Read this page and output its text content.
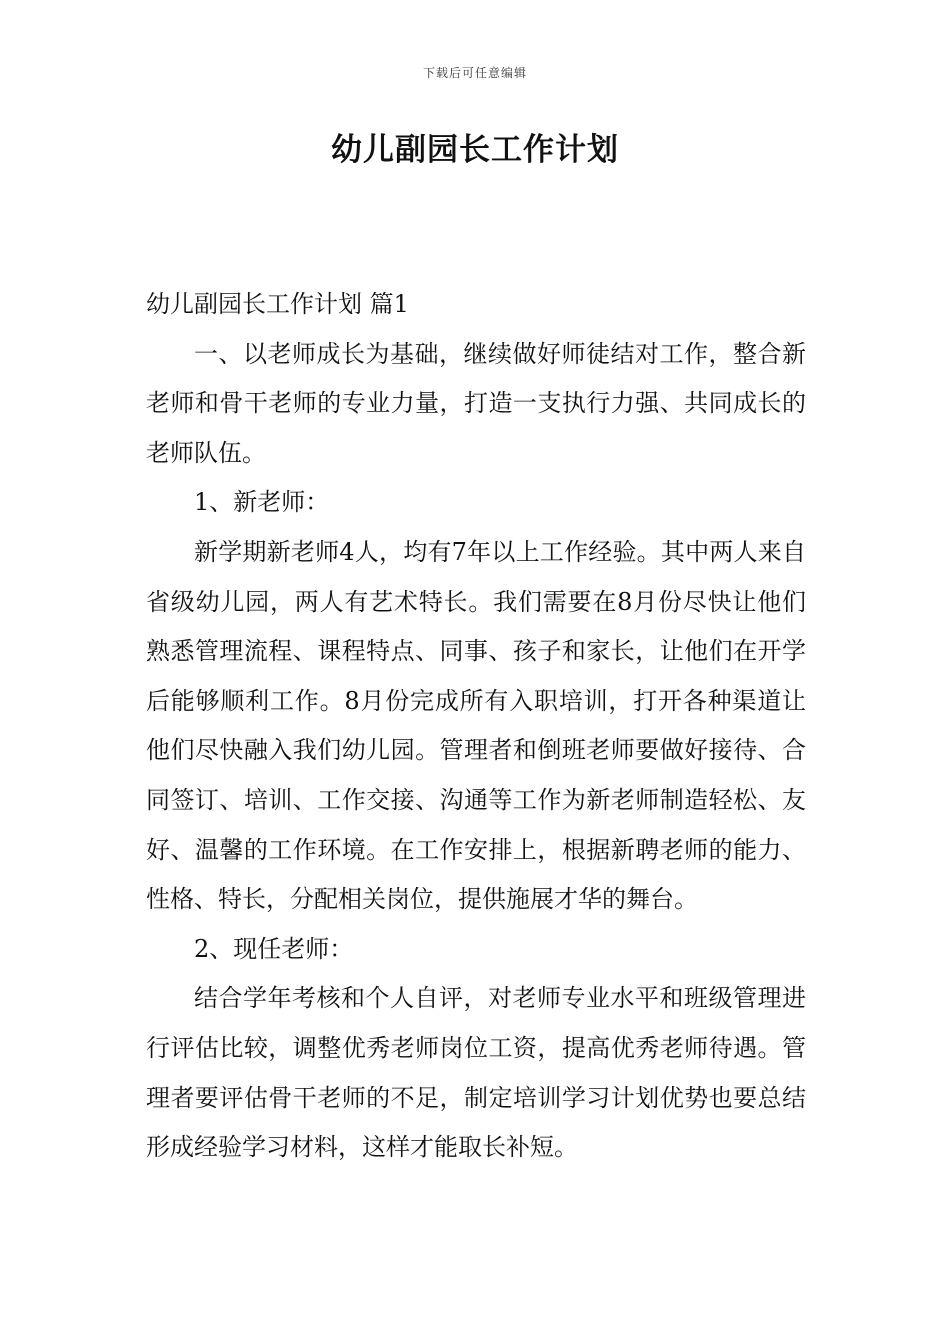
下载后可任意编辑
幼儿副园长工作计划

幼儿副园长工作计划 篇1

一、以老师成长为基础，继续做好师徒结对工作，整合新老师和骨干老师的专业力量，打造一支执行力强、共同成长的老师队伍。

1、新老师：

新学期新老师4人，均有7年以上工作经验。其中两人来自省级幼儿园，两人有艺术特长。我们需要在8月份尽快让他们熟悉管理流程、课程特点、同事、孩子和家长，让他们在开学后能够顺利工作。8月份完成所有入职培训，打开各种渠道让他们尽快融入我们幼儿园。管理者和倒班老师要做好接待、合同签订、培训、工作交接、沟通等工作为新老师制造轻松、友好、温馨的工作环境。在工作安排上，根据新聘老师的能力、性格、特长，分配相关岗位，提供施展才华的舞台。

2、现任老师：

结合学年考核和个人自评，对老师专业水平和班级管理进行评估比较，调整优秀老师岗位工资，提高优秀老师待遇。管理者要评估骨干老师的不足，制定培训学习计划优势也要总结形成经验学习材料，这样才能取长补短。
